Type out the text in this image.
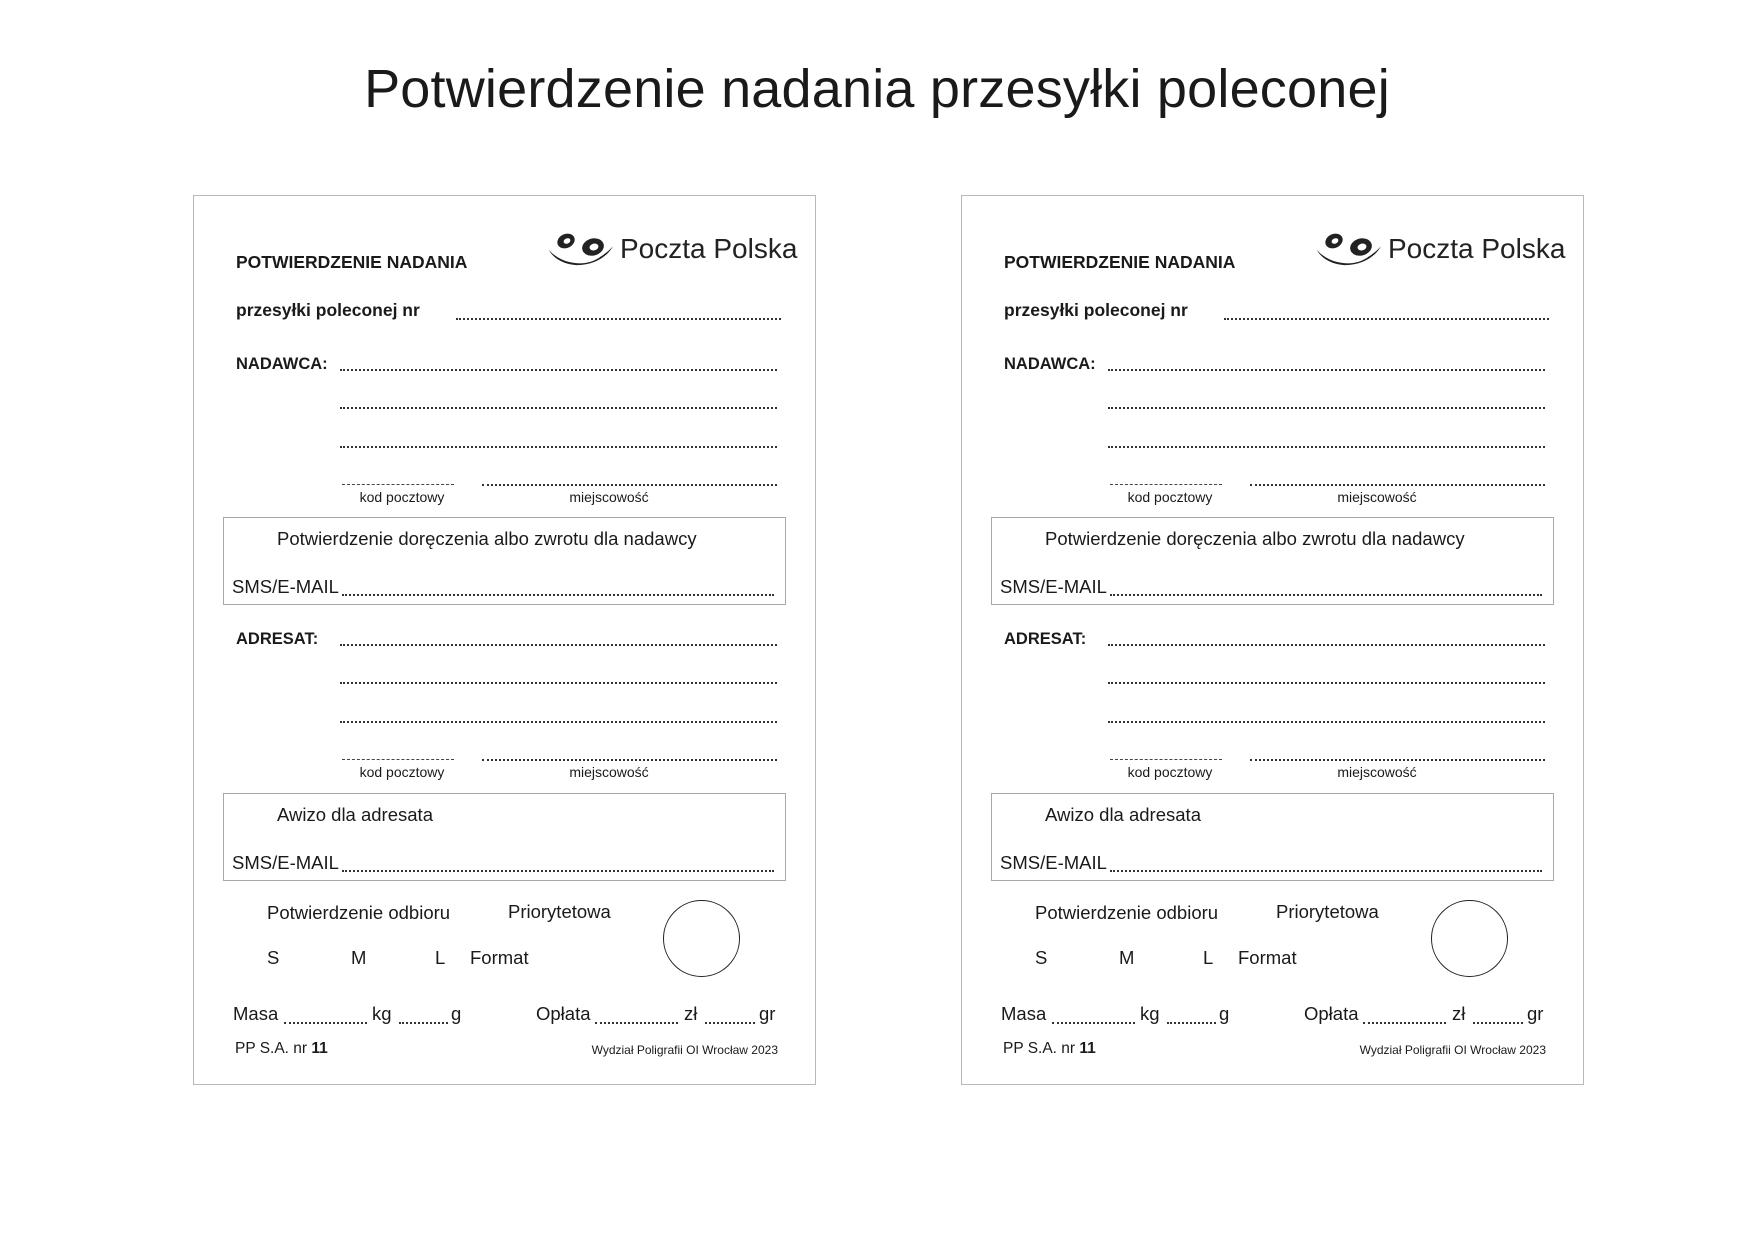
Potwierdzenie nadania przesyłki poleconej
Poczta Polska
POTWIERDZENIE NADANIA
przesyłki poleconej nr
NADAWCA:
kod pocztowy	miejscowość
Potwierdzenie doręczenia albo zwrotu dla nadawcy
SMS/E-MAIL
ADRESAT:
kod pocztowy	miejscowość
Awizo dla adresata
SMS/E-MAIL
Potwierdzenie odbioru	Priorytetowa
S	M	L Format
Masa	kg	g	Opłata	zł	gr
PP S.A. nr 11	Wydział Poligrafii OI Wrocław 2023
Poczta Polska
POTWIERDZENIE NADANIA
przesyłki poleconej nr
NADAWCA:
kod pocztowy	miejscowość
Potwierdzenie doręczenia albo zwrotu dla nadawcy
SMS/E-MAIL
ADRESAT:
kod pocztowy	miejscowość
Awizo dla adresata
SMS/E-MAIL
Potwierdzenie odbioru	Priorytetowa
S	M	L Format
Masa	kg	g	Opłata	zł	gr
PP S.A. nr 11	Wydział Poligrafii OI Wrocław 2023
